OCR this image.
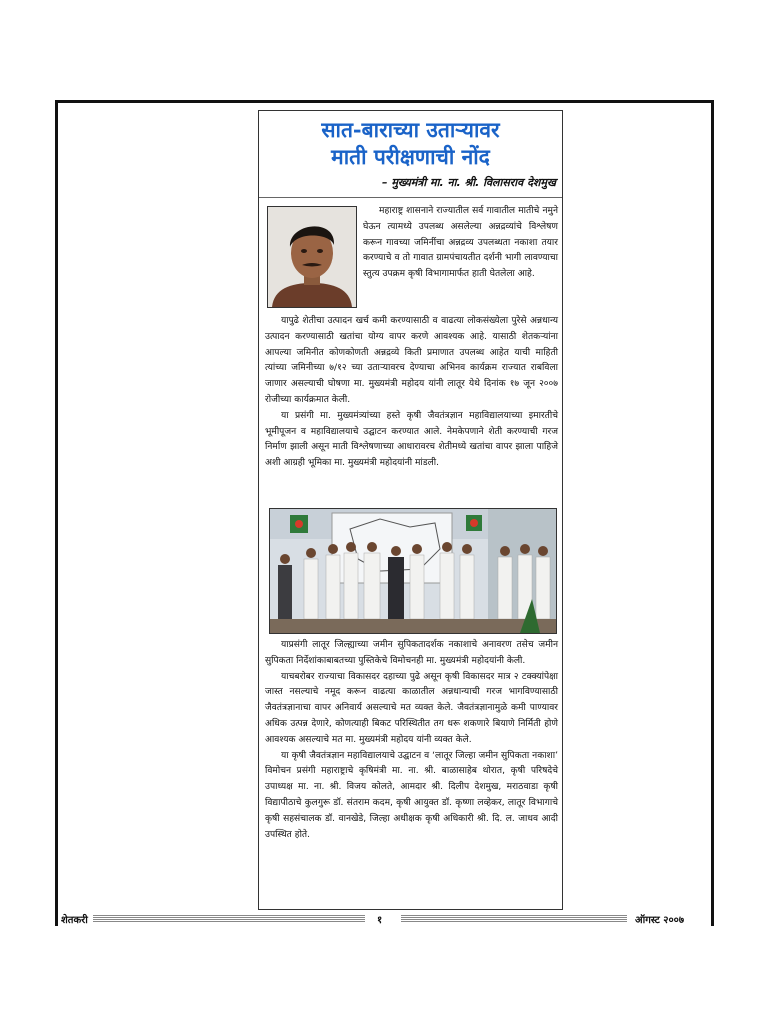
सात-बाराच्या उताऱ्यावर
माती परीक्षणाची नोंद
– मुख्यमंत्री मा. ना. श्री. विलासराव देशमुख

महाराष्ट्र शासनाने राज्यातील सर्व गावातील मातीचे नमुने घेऊन त्यामध्ये उपलब्ध असलेल्या अन्नद्रव्यांचे विश्लेषण करून गावच्या जमिनींचा अन्नद्रव्य उपलब्धता नकाशा तयार करण्याचे व तो गावात ग्रामपंचायतीत दर्शनी भागी लावण्याचा स्तुत्य उपक्रम कृषी विभागामार्फत हाती घेतलेला आहे.

यापुढे शेतीचा उत्पादन खर्च कमी करण्यासाठी व वाढत्या लोकसंख्येला पुरेसे अन्नधान्य उत्पादन करण्यासाठी खतांचा योग्य वापर करणे आवश्यक आहे. यासाठी शेतकऱ्यांना आपल्या जमिनीत कोणकोणती अन्नद्रव्ये किती प्रमाणात उपलब्ध आहेत याची माहिती त्यांच्या जमिनीच्या ७/१२ च्या उताऱ्यावरच देण्याचा अभिनव कार्यक्रम राज्यात राबविला जाणार असल्याची घोषणा मा. मुख्यमंत्री महोदय यांनी लातूर येथे दिनांक १७ जून २००७ रोजीच्या कार्यक्रमात केली.

या प्रसंगी मा. मुख्यमंत्र्यांच्या हस्ते कृषी जैवतंत्रज्ञान महाविद्यालयाच्या इमारतीचे भूमीपूजन व महाविद्यालयाचे उद्घाटन करण्यात आले. नेमकेपणाने शेती करण्याची गरज निर्माण झाली असून माती विश्लेषणाच्या आधारावरच शेतीमध्ये खतांचा वापर झाला पाहिजे अशी आग्रही भूमिका मा. मुख्यमंत्री महोदयांनी मांडली.

याप्रसंगी लातूर जिल्ह्याच्या जमीन सुपिकतादर्शक नकाशाचे अनावरण तसेच जमीन सुपिकता निर्देशांकाबाबतच्या पुस्तिकेचे विमोचनही मा. मुख्यमंत्री महोदयांनी केली.

याचबरोबर राज्याचा विकासदर दहाच्या पुढे असून कृषी विकासदर मात्र २ टक्क्यांपेक्षा जास्त नसल्याचे नमूद करून वाढत्या काळातील अन्नधान्याची गरज भागविण्यासाठी जैवतंत्रज्ञानाचा वापर अनिवार्य असल्याचे मत व्यक्त केले. जैवतंत्रज्ञानामुळे कमी पाण्यावर अधिक उत्पन्न देणारे, कोणत्याही बिकट परिस्थितीत तग धरू शकणारे बियाणे निर्मिती होणे आवश्यक असल्याचे मत मा. मुख्यमंत्री महोदय यांनी व्यक्त केले.

या कृषी जैवतंत्रज्ञान महाविद्यालयाचे उद्घाटन व ‘लातूर जिल्हा जमीन सुपिकता नकाशा’ विमोचन प्रसंगी महाराष्ट्राचे कृषिमंत्री मा. ना. श्री. बाळासाहेब थोरात, कृषी परिषदेचे उपाध्यक्ष मा. ना. श्री. विजय कोलते, आमदार श्री. दिलीप देशमुख, मराठवाडा कृषी विद्यापीठाचे कुलगुरू डॉ. संतराम कदम, कृषी आयुक्त डॉ. कृष्णा लव्हेकर, लातूर विभागाचे कृषी सहसंचालक डॉ. वानखेडे, जिल्हा अधीक्षक कृषी अधिकारी श्री. दि. ल. जाधव आदी उपस्थित होते.

शेतकरी	१	ऑगस्ट २००७
